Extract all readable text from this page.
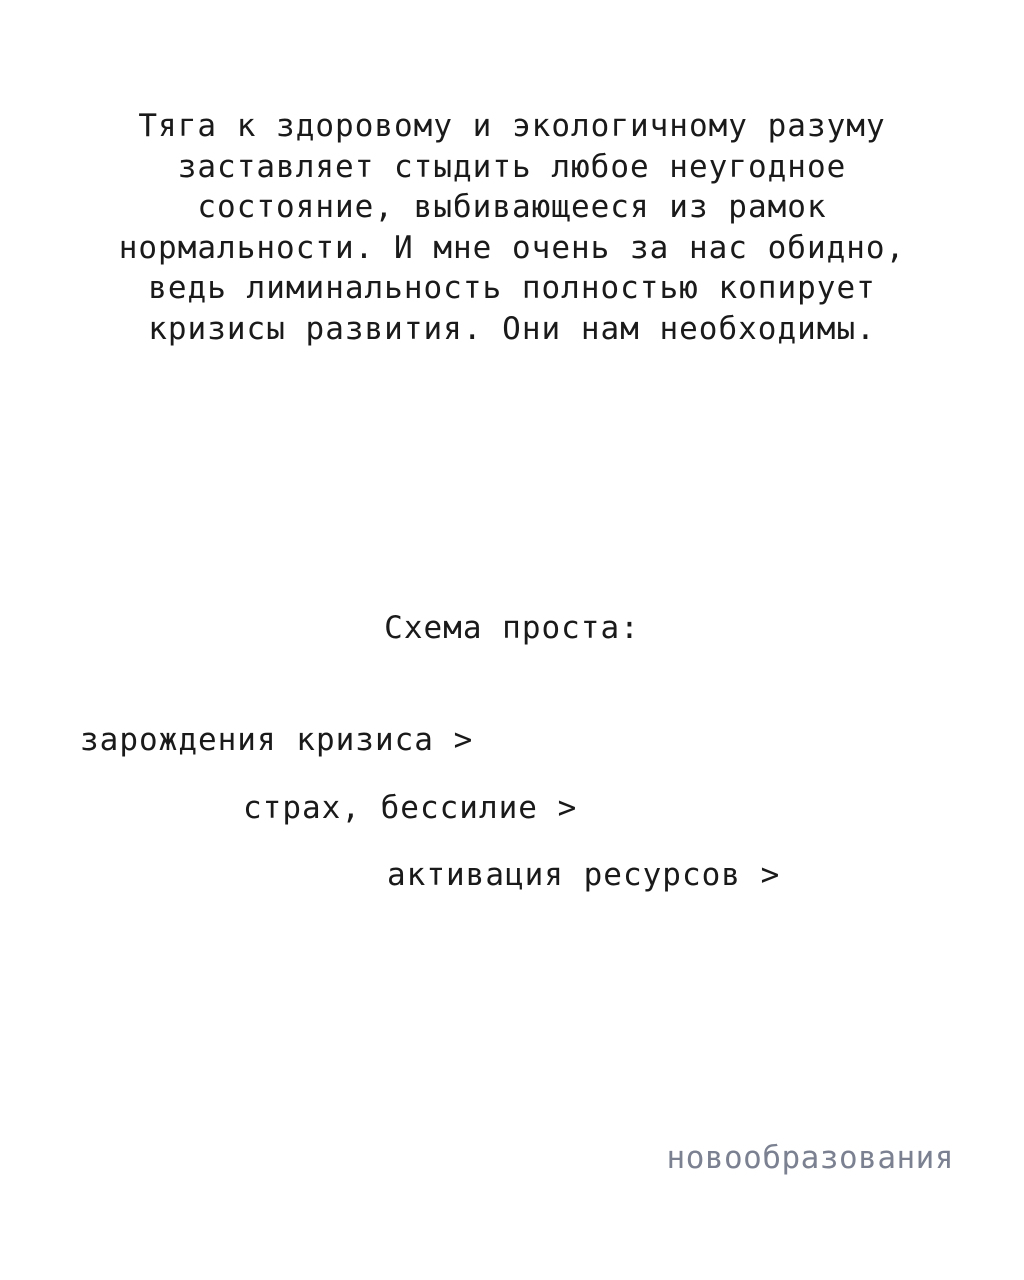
Тяга к здоровому и экологичному разуму
заставляет стыдить любое неугодное
состояние, выбивающееся из рамок
нормальности. И мне очень за нас обидно,
ведь лиминальность полностью копирует
кризисы развития. Они нам необходимы.
Схема проста:
зарождения кризиса >
страх, бессилие >
активация ресурсов >
новообразования
